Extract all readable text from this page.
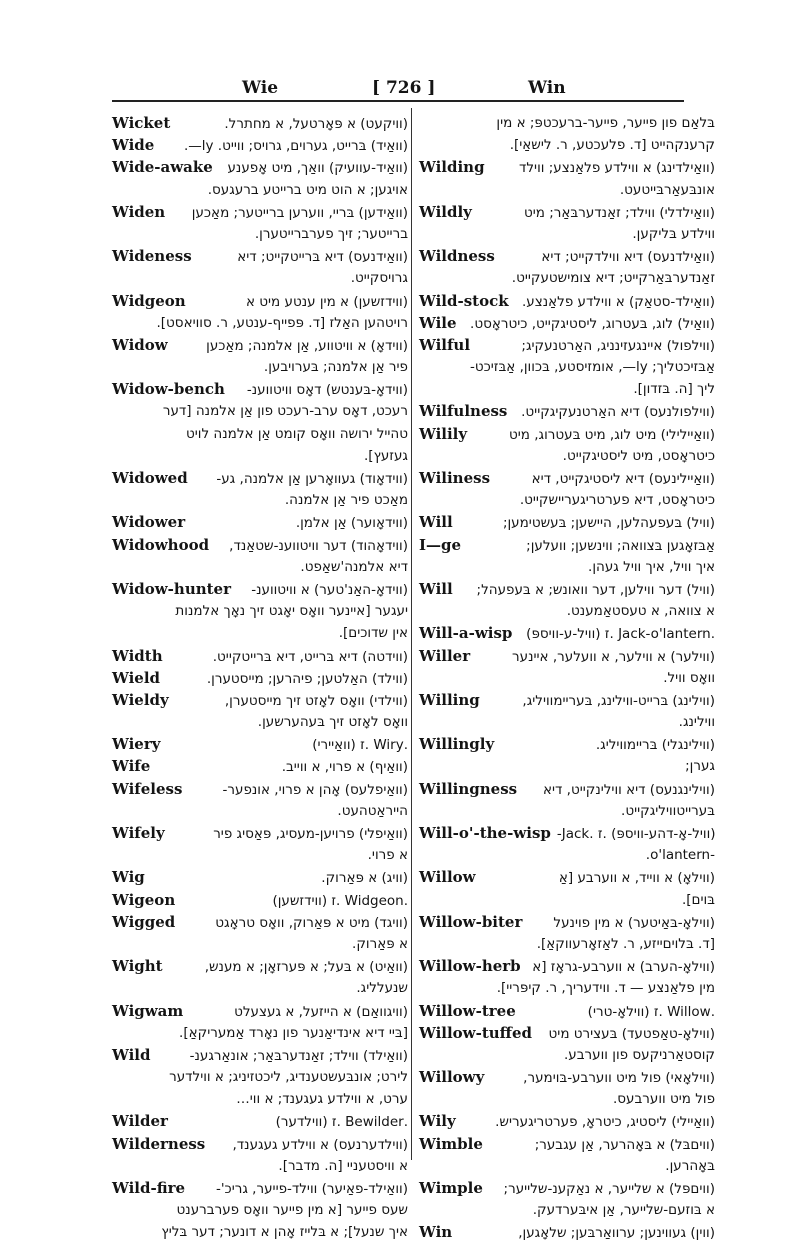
Wie	[ 726 ]	Win
Wicket	(וויקעט) א פּאָרטעל, א מחתרל.
Wide (וואַיד) בּרייט, גערוים, גרויס; ווייט. ly—.
Wide-awake (וואַיד-עוועיק) וואַך, מיט אָפענע
אויגען; א הוט מיט ברייטע ברעגעס.
Widen (וואַידען) בּריי, ווערען ברייטער; מאַכען
ברייטער; זיך פערברייטערן.
Wideness	(וואַידנעס) דיא בּרייטקייט; דיא
גרויסקייט.
Widgeon	(ווידזשען) א מין ענטע מיט א
רויטהען האַלז [ד. פּפייף-ענטע, ר. סוויאסט].
Widow	(ווידאָ) א וויטווע, אַן אלמנה; מאַכען
פיר אַן אלמנה; בּערויבען.
Widow-bench (ווידאָ-בּענטש) דאָס וויטווענ-
רעכט, דאָס ערב-רעכט פון אַן אלמנה [דער
טהייל ירושה וואָס קומט אַן אלמנה לויט
געזעץ].
Widowed (ווידאָוד) געוואָרען אַן אלמנה, גע-
מאַכט פיר אַן אלמנה.
Widower	(ווידאָוער) אַן אלמן.
Widowhood (ווידאָהוד) דער וויטווענ-שטאַנד,
דיא אלמנה'שאַפט.
Widow-hunter (ווידאָ-האַנ'טער) א וויטווענ-
יעגער [איינער וואָס יאָגט זיך נאָך אלמנות
אין שדוכים].
Width	(ווידטה) דיא בּרייט, דיא בּרייטקייט.
Wield	(ווילד) האַלטען; פיהרען; מייסטערן.
Wieldy	(ווילדי) וואָס לאָזט זיך מייסטערן,
וואָס לאָזט זיך בּעהערשען.
Wiery	.Wiry .ז (וואַיירי)
Wife	(וואַיף) א פרוי, א ווייב.
Wifeless	(וואַיפלעס) אָהן א פרוי, אונפער-
הייראַטהעט.
Wifely	(וואַיפלי) פרויען-מעסיג, פּאַסיג פיר
א פרוי.
Wig	(וויג) א פּאַרוק.
Wigeon	.Widgeon .ז (ווידזשען)
Wigged	(וויגד) מיט א פּאַרוק, וואָס טראָגט
א פּאַרוק.
Wight	(וואַיט) א בּעל; א פּערזאָן; א מענש,
שנעלליג.
Wigwam	(וויגוואַם) א הייזעל, א געצעלט
[בּיי דיא אינדיאַנער פון נאָרד אַמעריקאַ].
Wild	(וואַילד) ווילד; זאַנדערבּאַר; אונאַרגענ-
לירט; אונבּעשטענדיג, ליכטזיניג; א ווילדער
ערט, א ווילדע געגענד; א ווי…
Wilder	.Bewilder .ז (ווילדער)
Wilderness (ווילדערנעס) א ווילדע געגענד,
א וויסטעניי [ה. מדבר].
Wild-fire (וואַילד-פאַיער) ווילד-פייער, גריכ'-
שעס פייער [א מין פייער וואָס פערברענט
איך שנעל]; א בּלייז אָהן א דונער; דער בּליץ
בּלאַם פון פייער, פייער-ברעכטפּ; א מין
קרענקהייט [ד. פלעכטע, ר. לישאַי].
Wilding	(וואַילדינג) א ווילדע פלאַנצע; ווילד
אונבּעאַרבּייטעט.
Wildly	(וואַילדלי) ווילד; זאַנדערבּאַר; מיט
ווילדע בּליקען.
Wildness	(וואַילדנעס) דיא ווילדקייט; דיא
זאַנדערבּאַרקייט; דיא צומישטעקייט.
Wild-stock (וואַילד-סטאַק) א ווילדע פלאַנצע.
Wile (וואַיל) לוג, בּעטרוג, ליסטיגקייט, כיטראָסט.
Wilful	(ווילפול) איינגעזינניג, האַרטנעקיג;
אַבּזיכטליך; ly—, אומזיסטע, בּכוון, אַבּזיכט-
ליך [ה. בּזדון].
Wilfulness (ווילפולנעס) דיא האַרטנעקיגקייט.
Wilily	(וואַיילילי) מיט לוג, מיט בּעטרוג, מיט
כיטראָסט, מיט ליסטיגקייט.
Wiliness	(וואַיילינעס) דיא ליסטיגקייט, דיא
כיטראָסט, דיא פערטריגעריישקייט.
Will	(וויל) בּעפעהלען, היישען; בּעשטימען;
I—ge	אַבּזאָגען בּצוואה; ווינשען; וועלען;
איך וויל, איך וויל געהן.
Will (וויל) דער ווילען, דער וואונש; א בּעפעהל;
א צוואה, א טעסטאַמענט.
Will-a-wisp .Jack-o'lantern .ז (וויל-ע-וויספּ)
Willer	(ווילער) א ווילער, א וועלער, איינער
וואָס וויל.
Willing	(ווילינג) בּרייט-ווילינג, בּעריימוויליג,
ווילינג.
Willingly	(ווילינגלי) בּריימוויליג.
גערן;
Willingness (ווילינגנעס) דיא ווילינקייט, דיא
בּערייטוויליגקייט.
Will-o'-the-wisp (וויל-אָ-דהע-וויספּ) .ז .Jack-
-o'lantern.
Willow	(ווילאָ) א ווייד, א ווערבע [אַ
בּוים].
Willow-biter (ווילאָ-בּאַיטער) א מין פוינעל
[ד. בּלויםייזע, ר. לאַזאָרעווקאַ].
Willow-herb (ווילאָ-הערב) א ווערבע-גראָז [א
מין פלאַנצע — ד. ווידעריך, ר. קיפּריי].
Willow-tree	.Willow .ז (ווילאָ-טרי)
Willow-tuffed (ווילאָ-טאַפטעד) בּעצירט מיט
קוסטאַרניקעס פון ווערבע.
Willowy	(ווילאָאי) פול מיט ווערבע-בּוימער,
פול מיט ווערבעס.
Wily	(וואַיילי) ליסטיג, כיטראָ, פערטריגעריש.
Wimble	(וויםבּל) א בּאָהרער, אַן עגבער;
בּאָהרען.
Wimple (וויםפּל) א שלייער, א נאַקענ-שלייער;
א בּוזעם-שלייער, אַן איבּערדעק.
Win	(ווין) געווינען; ערוואַרבּען; שלאָגען,
